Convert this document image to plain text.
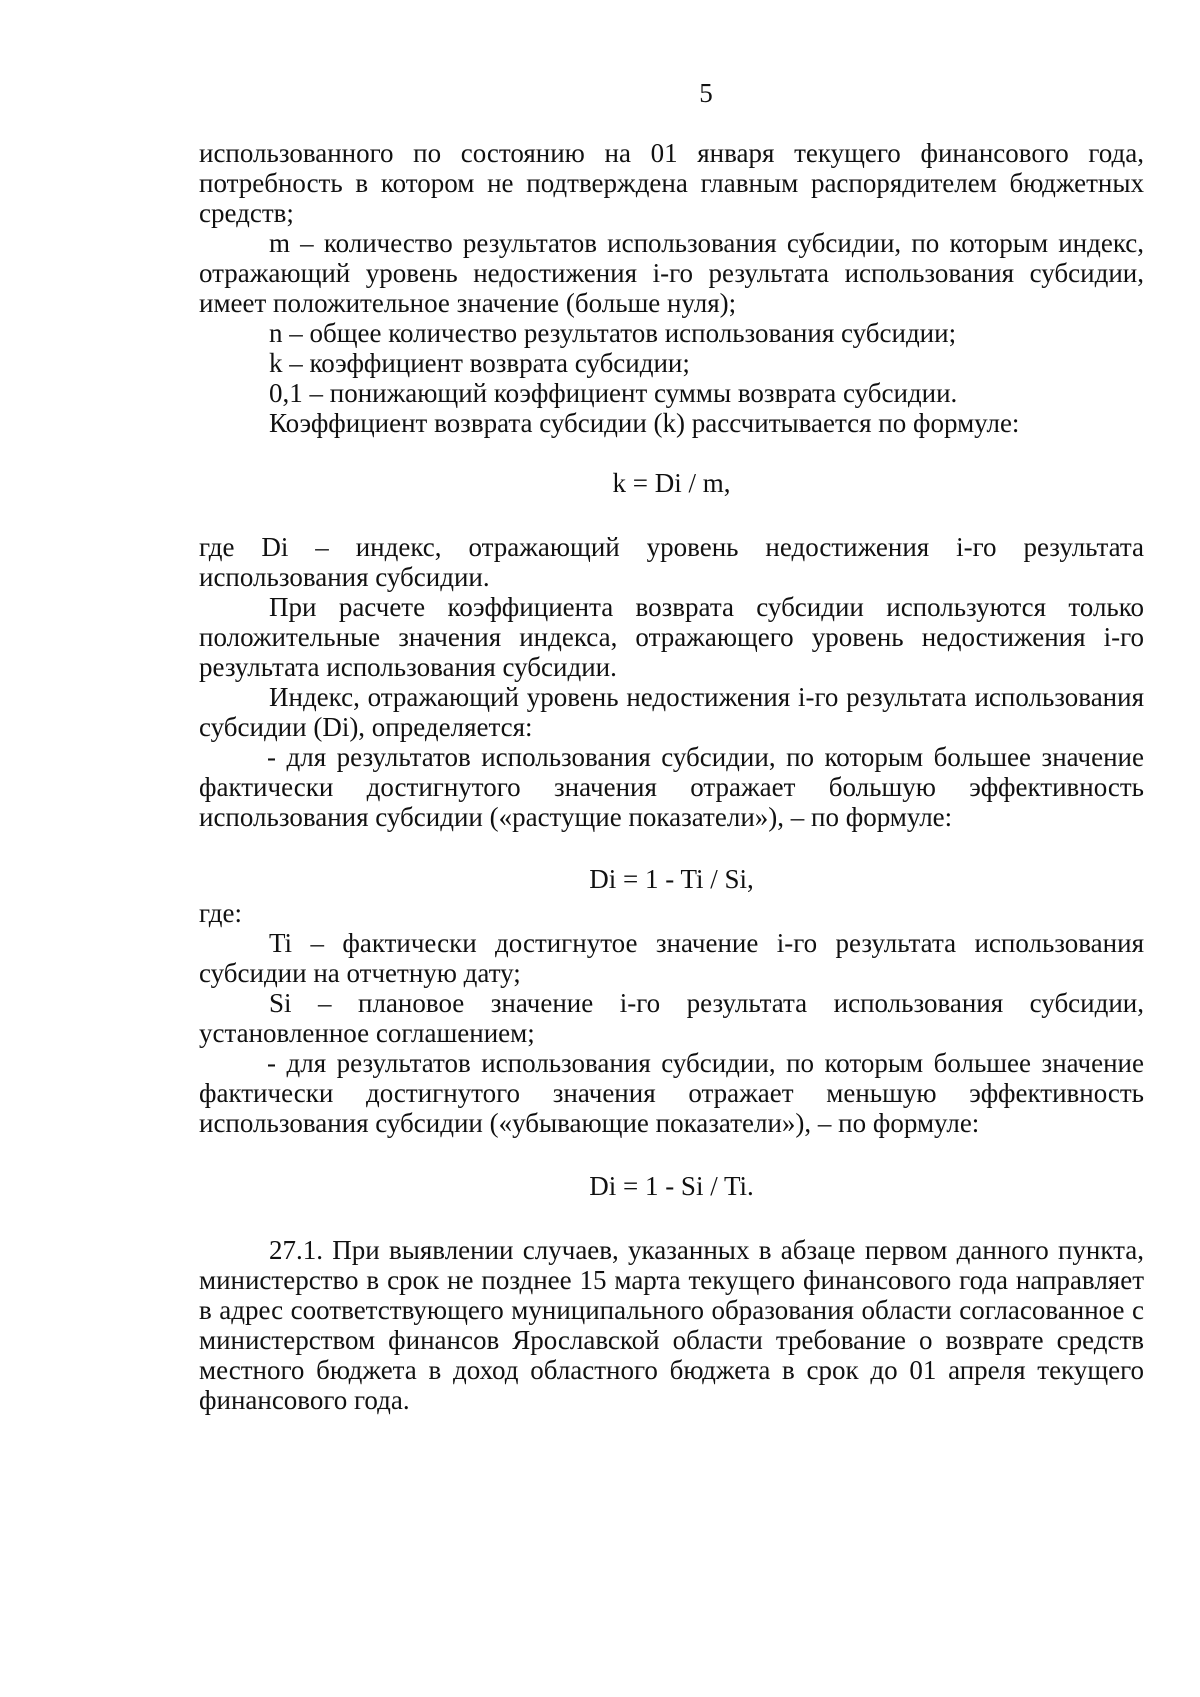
5

использованного по состоянию на 01 января текущего финансового года, потребность в котором не подтверждена главным распорядителем бюджетных средств;

m – количество результатов использования субсидии, по которым индекс, отражающий уровень недостижения i-го результата использования субсидии, имеет положительное значение (больше нуля);

n – общее количество результатов использования субсидии;

k – коэффициент возврата субсидии;

0,1 – понижающий коэффициент суммы возврата субсидии.

Коэффициент возврата субсидии (k) рассчитывается по формуле:

k = Di / m,

где Di – индекс, отражающий уровень недостижения i-го результата использования субсидии.

При расчете коэффициента возврата субсидии используются только положительные значения индекса, отражающего уровень недостижения i-го результата использования субсидии.

Индекс, отражающий уровень недостижения i-го результата использования субсидии (Di), определяется:

- для результатов использования субсидии, по которым большее значение фактически достигнутого значения отражает большую эффективность использования субсидии («растущие показатели»), – по формуле:

Di = 1 - Ti / Si,

где:

Ti – фактически достигнутое значение i-го результата использования субсидии на отчетную дату;

Si – плановое значение i-го результата использования субсидии, установленное соглашением;

- для результатов использования субсидии, по которым большее значение фактически достигнутого значения отражает меньшую эффективность использования субсидии («убывающие показатели»), – по формуле:

Di = 1 - Si / Ti.

27.1. При выявлении случаев, указанных в абзаце первом данного пункта, министерство в срок не позднее 15 марта текущего финансового года направляет в адрес соответствующего муниципального образования области согласованное с министерством финансов Ярославской области требование о возврате средств местного бюджета в доход областного бюджета в срок до 01 апреля текущего финансового года.
